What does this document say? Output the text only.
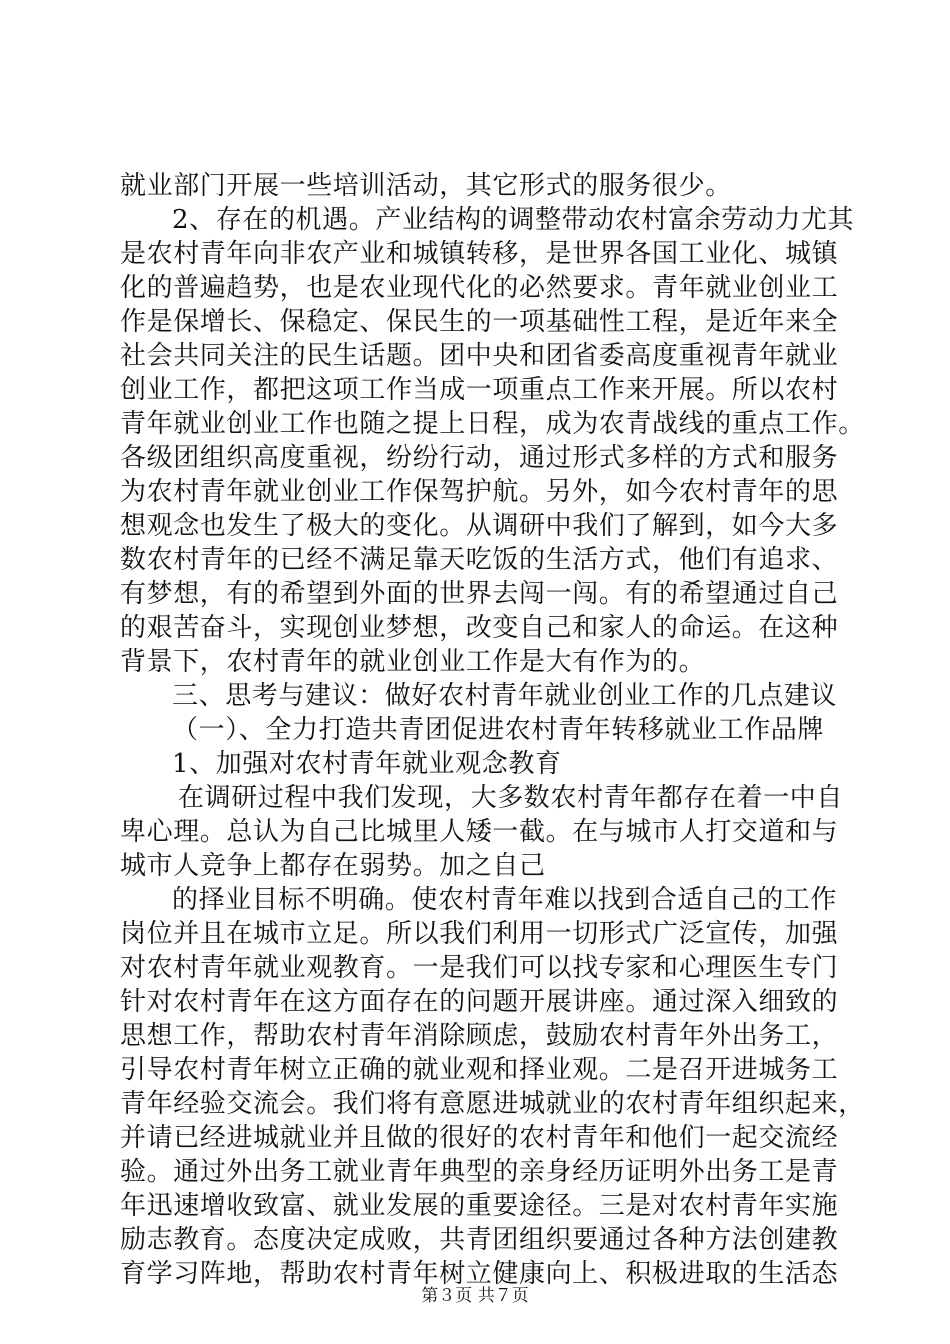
就业部门开展一些培训活动，其它形式的服务很少。
2、存在的机遇。产业结构的调整带动农村富余劳动力尤其
是农村青年向非农产业和城镇转移，是世界各国工业化、城镇
化的普遍趋势，也是农业现代化的必然要求。青年就业创业工
作是保增长、保稳定、保民生的一项基础性工程，是近年来全
社会共同关注的民生话题。团中央和团省委高度重视青年就业
创业工作，都把这项工作当成一项重点工作来开展。所以农村
青年就业创业工作也随之提上日程，成为农青战线的重点工作。
各级团组织高度重视，纷纷行动，通过形式多样的方式和服务
为农村青年就业创业工作保驾护航。另外，如今农村青年的思
想观念也发生了极大的变化。从调研中我们了解到，如今大多
数农村青年的已经不满足靠天吃饭的生活方式，他们有追求、
有梦想，有的希望到外面的世界去闯一闯。有的希望通过自己
的艰苦奋斗，实现创业梦想，改变自己和家人的命运。在这种
背景下，农村青年的就业创业工作是大有作为的。
三、思考与建议：做好农村青年就业创业工作的几点建议
（一）、全力打造共青团促进农村青年转移就业工作品牌
1、加强对农村青年就业观念教育
在调研过程中我们发现，大多数农村青年都存在着一中自
卑心理。总认为自己比城里人矮一截。在与城市人打交道和与
城市人竞争上都存在弱势。加之自己
的择业目标不明确。使农村青年难以找到合适自己的工作
岗位并且在城市立足。所以我们利用一切形式广泛宣传，加强
对农村青年就业观教育。一是我们可以找专家和心理医生专门
针对农村青年在这方面存在的问题开展讲座。通过深入细致的
思想工作，帮助农村青年消除顾虑，鼓励农村青年外出务工，
引导农村青年树立正确的就业观和择业观。二是召开进城务工
青年经验交流会。我们将有意愿进城就业的农村青年组织起来，
并请已经进城就业并且做的很好的农村青年和他们一起交流经
验。通过外出务工就业青年典型的亲身经历证明外出务工是青
年迅速增收致富、就业发展的重要途径。三是对农村青年实施
励志教育。态度决定成败，共青团组织要通过各种方法创建教
育学习阵地，帮助农村青年树立健康向上、积极进取的生活态
第３页 共７页
